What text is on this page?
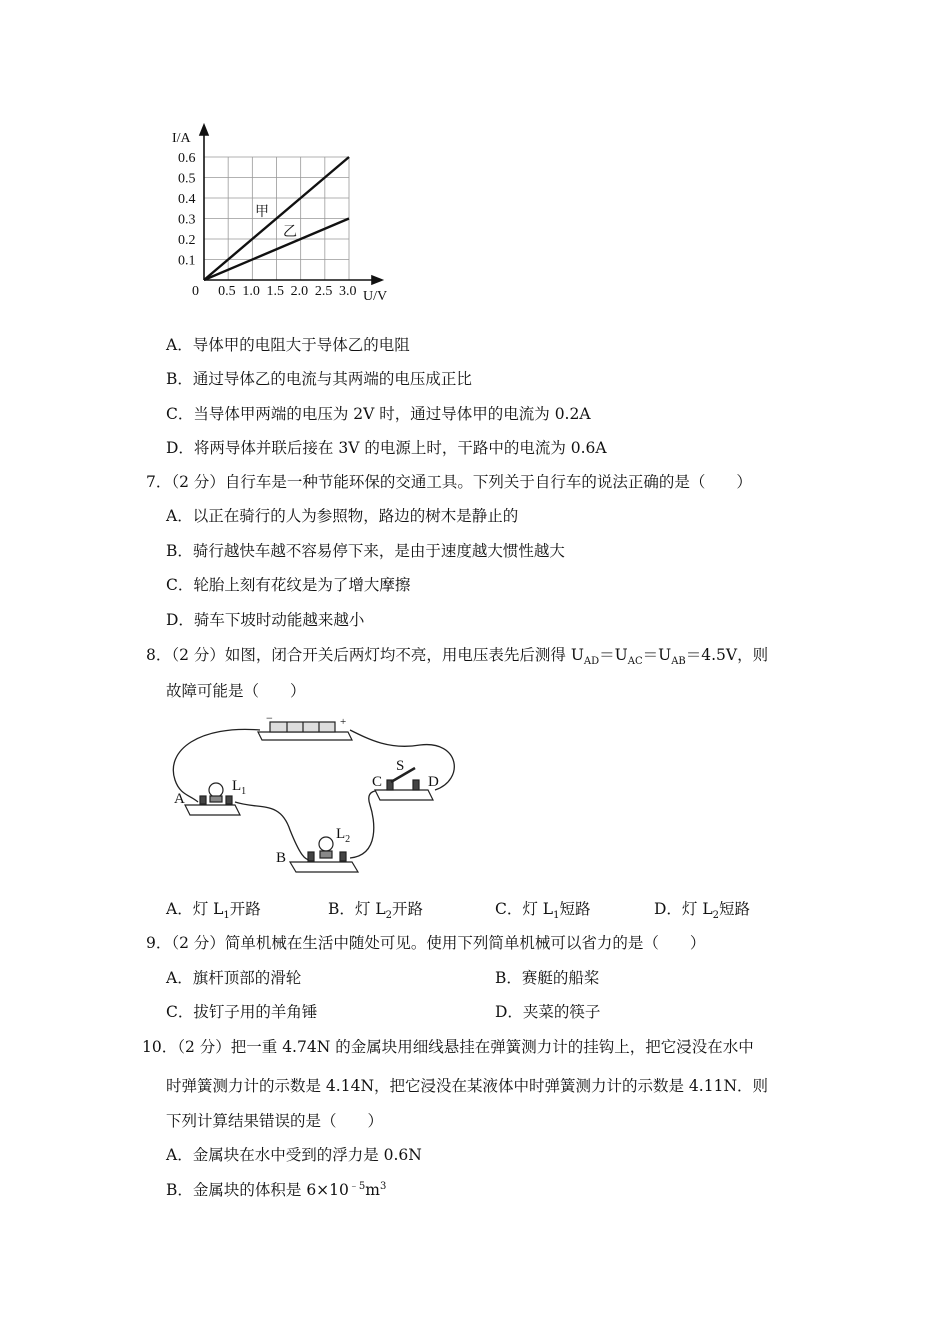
0.1
0.2
0.3
0.4
0.5
0.6
0.5 1.0 1.5 2.0 2.5 3.0
I/A
U/V
0
甲
乙
A．导体甲的电阻大于导体乙的电阻
B．通过导体乙的电流与其两端的电压成正比
C．当导体甲两端的电压为 2V 时，通过导体甲的电流为 0.2A
D．将两导体并联后接在 3V 的电源上时，干路中的电流为 0.6A
7．（2 分）自行车是一种节能环保的交通工具。下列关于自行车的说法正确的是（　　）
A．以正在骑行的人为参照物，路边的树木是静止的
B．骑行越快车越不容易停下来，是由于速度越大惯性越大
C．轮胎上刻有花纹是为了增大摩擦
D．骑车下坡时动能越来越小
8．（2 分）如图，闭合开关后两灯均不亮，用电压表先后测得 $U_{AD}=U_{AC}=U_{AB}=4.5V$，则
故障可能是（　　）
−	+
A
$L_1$
B
$L_2$
C
S
D
A．灯 $L_1$开路	B．灯 $L_2$开路	C．灯 $L_1$短路	D．灯 $L_2$短路
9．（2 分）简单机械在生活中随处可见。使用下列简单机械可以省力的是（　　）
A．旗杆顶部的滑轮	B．赛艇的船桨
C．拔钉子用的羊角锤	D．夹菜的筷子
10．（2 分）把一重 4.74N 的金属块用细线悬挂在弹簧测力计的挂钩上，把它浸没在水中
时弹簧测力计的示数是 4.14N，把它浸没在某液体中时弹簧测力计的示数是 4.11N．则
下列计算结果错误的是（　　）
A．金属块在水中受到的浮力是 0.6N
B．金属块的体积是 $6\times 10^{﹣5}m^3$
